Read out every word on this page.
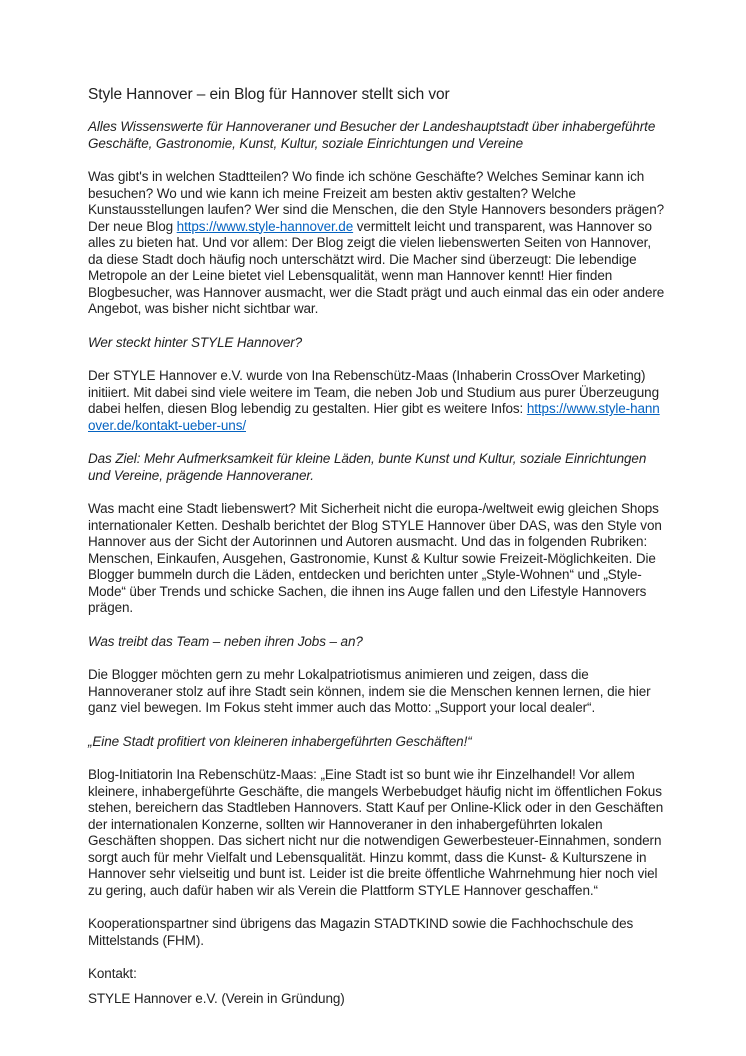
Style Hannover – ein Blog für Hannover stellt sich vor

Alles Wissenswerte für Hannoveraner und Besucher der Landeshauptstadt über inhabergeführte Geschäfte, Gastronomie, Kunst, Kultur, soziale Einrichtungen und Vereine

Was gibt's in welchen Stadtteilen? Wo finde ich schöne Geschäfte? Welches Seminar kann ich besuchen? Wo und wie kann ich meine Freizeit am besten aktiv gestalten? Welche Kunstausstellungen laufen? Wer sind die Menschen, die den Style Hannovers besonders prägen? Der neue Blog https://www.style-hannover.de vermittelt leicht und transparent, was Hannover so alles zu bieten hat. Und vor allem: Der Blog zeigt die vielen liebenswerten Seiten von Hannover, da diese Stadt doch häufig noch unterschätzt wird. Die Macher sind überzeugt: Die lebendige Metropole an der Leine bietet viel Lebensqualität, wenn man Hannover kennt! Hier finden Blogbesucher, was Hannover ausmacht, wer die Stadt prägt und auch einmal das ein oder andere Angebot, was bisher nicht sichtbar war.

Wer steckt hinter STYLE Hannover?

Der STYLE Hannover e.V. wurde von Ina Rebenschütz-Maas (Inhaberin CrossOver Marketing) initiiert. Mit dabei sind viele weitere im Team, die neben Job und Studium aus purer Überzeugung dabei helfen, diesen Blog lebendig zu gestalten. Hier gibt es weitere Infos: https://www.style-hannover.de/kontakt-ueber-uns/

Das Ziel: Mehr Aufmerksamkeit für kleine Läden, bunte Kunst und Kultur, soziale Einrichtungen und Vereine, prägende Hannoveraner.

Was macht eine Stadt liebenswert? Mit Sicherheit nicht die europa-/weltweit ewig gleichen Shops internationaler Ketten. Deshalb berichtet der Blog STYLE Hannover über DAS, was den Style von Hannover aus der Sicht der Autorinnen und Autoren ausmacht. Und das in folgenden Rubriken: Menschen, Einkaufen, Ausgehen, Gastronomie, Kunst & Kultur sowie Freizeit-Möglichkeiten. Die Blogger bummeln durch die Läden, entdecken und berichten unter „Style-Wohnen“ und „Style-Mode“ über Trends und schicke Sachen, die ihnen ins Auge fallen und den Lifestyle Hannovers prägen.

Was treibt das Team – neben ihren Jobs – an?

Die Blogger möchten gern zu mehr Lokalpatriotismus animieren und zeigen, dass die Hannoveraner stolz auf ihre Stadt sein können, indem sie die Menschen kennen lernen, die hier ganz viel bewegen. Im Fokus steht immer auch das Motto: „Support your local dealer“.

„Eine Stadt profitiert von kleineren inhabergeführten Geschäften!“

Blog-Initiatorin Ina Rebenschütz-Maas: „Eine Stadt ist so bunt wie ihr Einzelhandel! Vor allem kleinere, inhabergeführte Geschäfte, die mangels Werbebudget häufig nicht im öffentlichen Fokus stehen, bereichern das Stadtleben Hannovers. Statt Kauf per Online-Klick oder in den Geschäften der internationalen Konzerne, sollten wir Hannoveraner in den inhabergeführten lokalen Geschäften shoppen. Das sichert nicht nur die notwendigen Gewerbesteuer-Einnahmen, sondern sorgt auch für mehr Vielfalt und Lebensqualität. Hinzu kommt, dass die Kunst- & Kulturszene in Hannover sehr vielseitig und bunt ist. Leider ist die breite öffentliche Wahrnehmung hier noch viel zu gering, auch dafür haben wir als Verein die Plattform STYLE Hannover geschaffen.“

Kooperationspartner sind übrigens das Magazin STADTKIND sowie die Fachhochschule des Mittelstands (FHM).

Kontakt:

STYLE Hannover e.V. (Verein in Gründung)
